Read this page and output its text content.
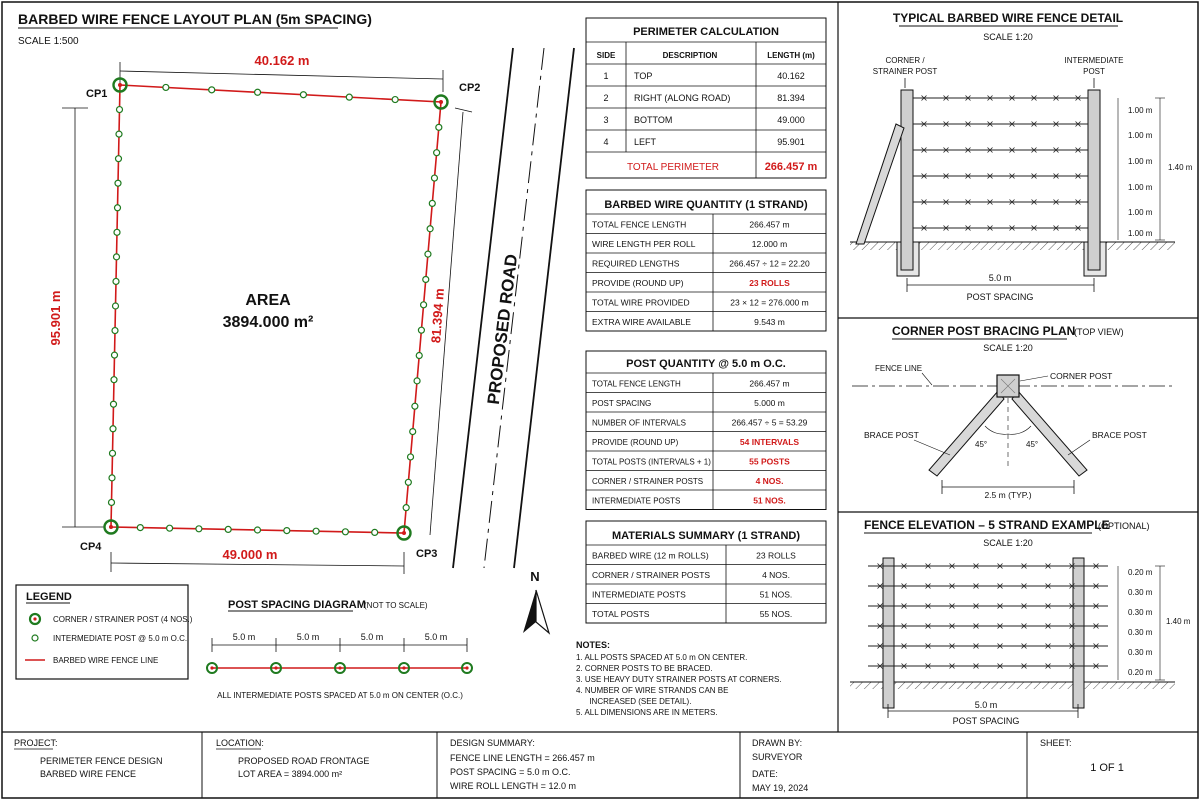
BARBED WIRE FENCE LAYOUT PLAN (5m SPACING)
SCALE 1:500
40.162 m
95.901 m	81.394 m
49.000 m
CP1	CP2
CP3
CP4
AREA
3894.000 m²	PROPOSED ROAD
N
LEGEND
CORNER / STRAINER POST (4 NOS.)
INTERMEDIATE POST @ 5.0 m O.C.
BARBED WIRE FENCE LINE
POST SPACING DIAGRAM
(NOT TO SCALE)
5.0 m	5.0 m	5.0 m	5.0 m
ALL INTERMEDIATE POSTS SPACED AT 5.0 m ON CENTER (O.C.)
PERIMETER CALCULATION
SIDE	DESCRIPTION	LENGTH (m)
1	TOP	40.162
2	RIGHT (ALONG ROAD)	81.394
3	BOTTOM	49.000
4	LEFT	95.901
TOTAL PERIMETER	266.457 m
BARBED WIRE QUANTITY (1 STRAND)
TOTAL FENCE LENGTH	266.457 m
WIRE LENGTH PER ROLL	12.000 m
REQUIRED LENGTHS	266.457 ÷ 12 = 22.20
PROVIDE (ROUND UP)	23 ROLLS
TOTAL WIRE PROVIDED	23 × 12 = 276.000 m
EXTRA WIRE AVAILABLE	9.543 m
POST QUANTITY @ 5.0 m O.C.
TOTAL FENCE LENGTH	266.457 m
POST SPACING	5.000 m
NUMBER OF INTERVALS	266.457 ÷ 5 = 53.29
PROVIDE (ROUND UP)	54 INTERVALS
TOTAL POSTS (INTERVALS + 1)	55 POSTS
CORNER / STRAINER POSTS	4 NOS.
INTERMEDIATE POSTS	51 NOS.
MATERIALS SUMMARY (1 STRAND)
BARBED WIRE (12 m ROLLS)	23 ROLLS
CORNER / STRAINER POSTS	4 NOS.
INTERMEDIATE POSTS	51 NOS.
TOTAL POSTS	55 NOS.
NOTES:
1. ALL POSTS SPACED AT 5.0 m ON CENTER.
2. CORNER POSTS TO BE BRACED.
3. USE HEAVY DUTY STRAINER POSTS AT CORNERS.
4. NUMBER OF WIRE STRANDS CAN BE
INCREASED (SEE DETAIL).
5. ALL DIMENSIONS ARE IN METERS.
TYPICAL BARBED WIRE FENCE DETAIL
SCALE 1:20
CORNER /
STRAINER POST
INTERMEDIATE
POST
1.00 m
1.00 m
1.00 m
1.00 m
1.00 m
1.00 m
1.40 m
5.0 m
POST SPACING
CORNER POST BRACING PLAN
(TOP VIEW)
SCALE 1:20
FENCE LINE
CORNER POST
BRACE POST	BRACE POST
45°	45°
2.5 m (TYP.)
FENCE ELEVATION – 5 STRAND EXAMPLE
(OPTIONAL)
SCALE 1:20
0.20 m
0.30 m
0.30 m
0.30 m
0.30 m
0.20 m
1.40 m
5.0 m
POST SPACING
PROJECT:
PERIMETER FENCE DESIGN
BARBED WIRE FENCE
LOCATION:
PROPOSED ROAD FRONTAGE
LOT AREA = 3894.000 m²
DESIGN SUMMARY:
FENCE LINE LENGTH = 266.457 m
POST SPACING = 5.0 m O.C.
WIRE ROLL LENGTH = 12.0 m
DRAWN BY:
SURVEYOR
DATE:
MAY 19, 2024
SHEET:
1 OF 1
